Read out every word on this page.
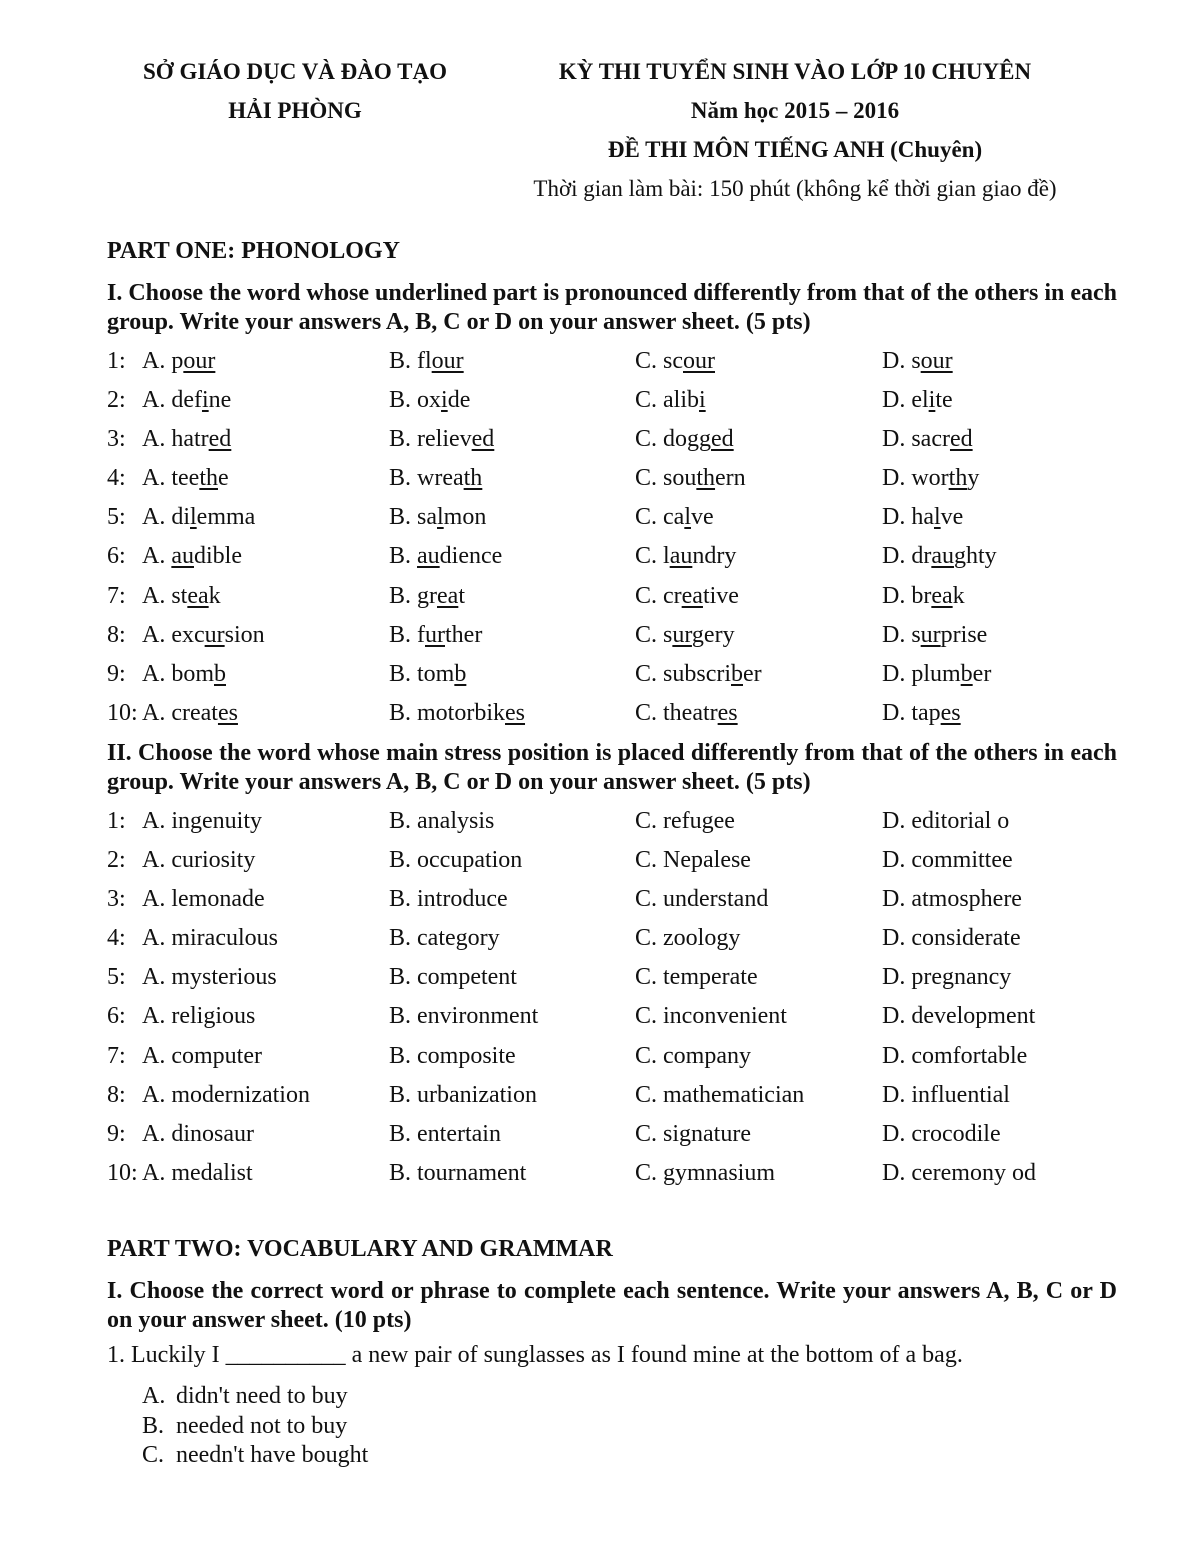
SỞ GIÁO DỤC VÀ ĐÀO TẠO
HẢI PHÒNG
KỲ THI TUYỂN SINH VÀO LỚP 10 CHUYÊN
Năm học 2015 – 2016
ĐỀ THI MÔN TIẾNG ANH (Chuyên)
Thời gian làm bài: 150 phút (không kể thời gian giao đề)
PART ONE: PHONOLOGY
I. Choose the word whose underlined part is pronounced differently from that of the others in each group. Write your answers A, B, C or D on your answer sheet. (5 pts)
1: A. pour	B. flour	C. scour	D. sour
2: A. define	B. oxide	C. alibi	D. elite
3: A. hatred	B. relieved	C. dogged	D. sacred
4: A. teethe	B. wreath	C. southern	D. worthy
5: A. dilemma	B. salmon	C. calve	D. halve
6: A. audible	B. audience	C. laundry	D. draughty
7: A. steak	B. great	C. creative	D. break
8: A. excursion	B. further	C. surgery	D. surprise
9: A. bomb	B. tomb	C. subscriber	D. plumber
10: A. creates	B. motorbikes	C. theatres	D. tapes
II. Choose the word whose main stress position is placed differently from that of the others in each group. Write your answers A, B, C or D on your answer sheet. (5 pts)
1: A. ingenuity	B. analysis	C. refugee	D. editorial o
2: A. curiosity	B. occupation	C. Nepalese	D. committee
3: A. lemonade	B. introduce	C. understand	D. atmosphere
4: A. miraculous	B. category	C. zoology	D. considerate
5: A. mysterious	B. competent	C. temperate	D. pregnancy
6: A. religious	B. environment	C. inconvenient	D. development
7: A. computer	B. composite	C. company	D. comfortable
8: A. modernization	B. urbanization	C. mathematician	D. influential
9: A. dinosaur	B. entertain	C. signature	D. crocodile
10: A. medalist	B. tournament	C. gymnasium	D. ceremony od
PART TWO: VOCABULARY AND GRAMMAR
I. Choose the correct word or phrase to complete each sentence. Write your answers A, B, C or D on your answer sheet. (10 pts)
1. Luckily I __________ a new pair of sunglasses as I found mine at the bottom of a bag.
A. didn't need to buy
B. needed not to buy
C. needn't have bought
